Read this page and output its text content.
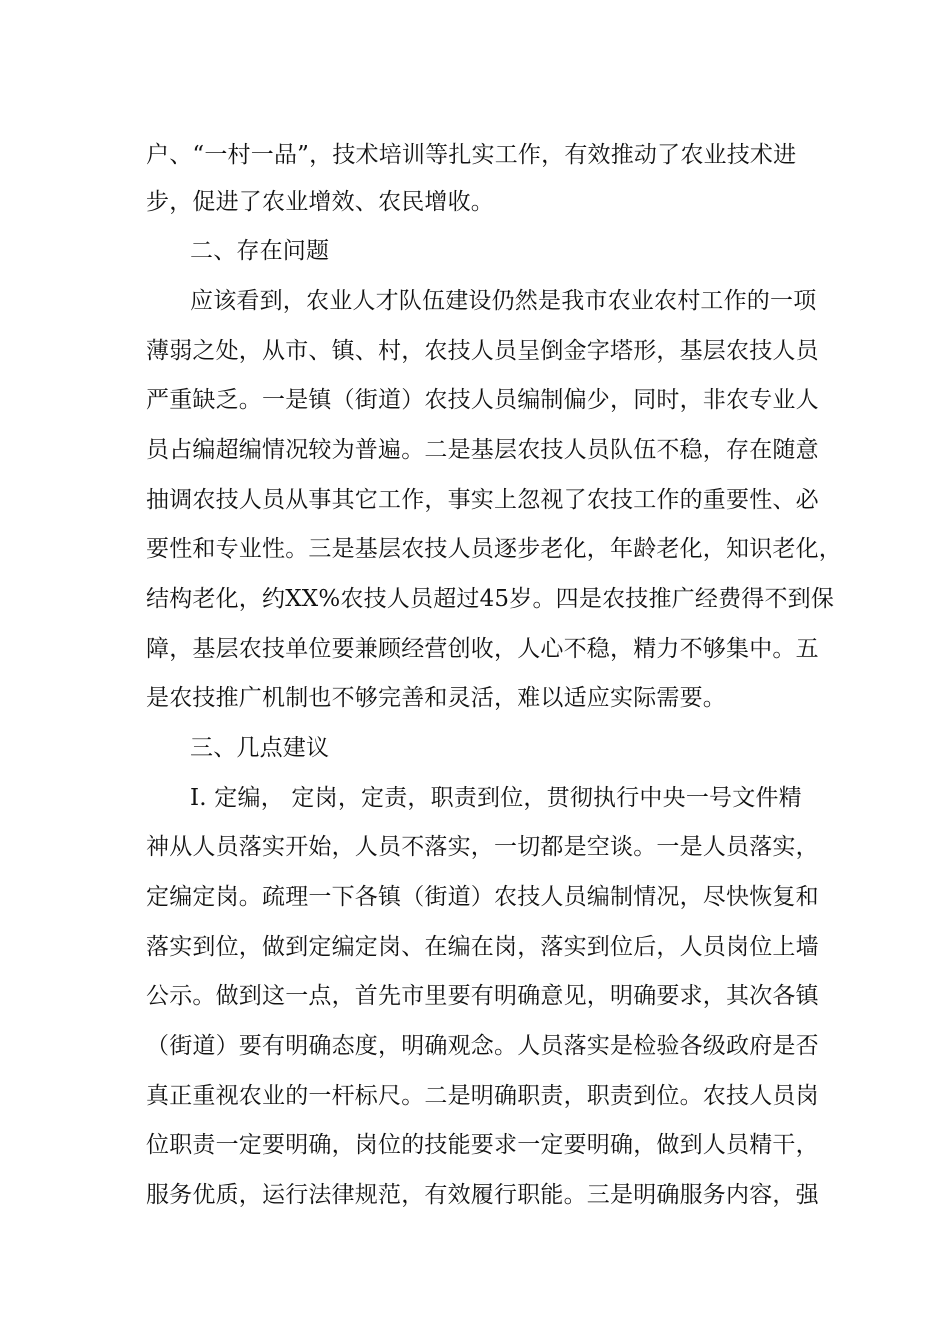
户、“一村一品”，技术培训等扎实工作，有效推动了农业技术进
步，促进了农业增效、农民增收。
二、存在问题
应该看到，农业人才队伍建设仍然是我市农业农村工作的一项
薄弱之处，从市、镇、村，农技人员呈倒金字塔形，基层农技人员
严重缺乏。一是镇（街道）农技人员编制偏少，同时，非农专业人
员占编超编情况较为普遍。二是基层农技人员队伍不稳，存在随意
抽调农技人员从事其它工作，事实上忽视了农技工作的重要性、必
要性和专业性。三是基层农技人员逐步老化，年龄老化，知识老化，
结构老化，约XX%农技人员超过45岁。四是农技推广经费得不到保
障，基层农技单位要兼顾经营创收，人心不稳，精力不够集中。五
是农技推广机制也不够完善和灵活，难以适应实际需要。
三、几点建议
I. 定编， 定岗，定责，职责到位，贯彻执行中央一号文件精
神从人员落实开始，人员不落实，一切都是空谈。一是人员落实，
定编定岗。疏理一下各镇（街道）农技人员编制情况，尽快恢复和
落实到位，做到定编定岗、在编在岗，落实到位后，人员岗位上墙
公示。做到这一点，首先市里要有明确意见，明确要求，其次各镇
（街道）要有明确态度，明确观念。人员落实是检验各级政府是否
真正重视农业的一杆标尺。二是明确职责，职责到位。农技人员岗
位职责一定要明确，岗位的技能要求一定要明确，做到人员精干，
服务优质，运行法律规范，有效履行职能。三是明确服务内容，强
